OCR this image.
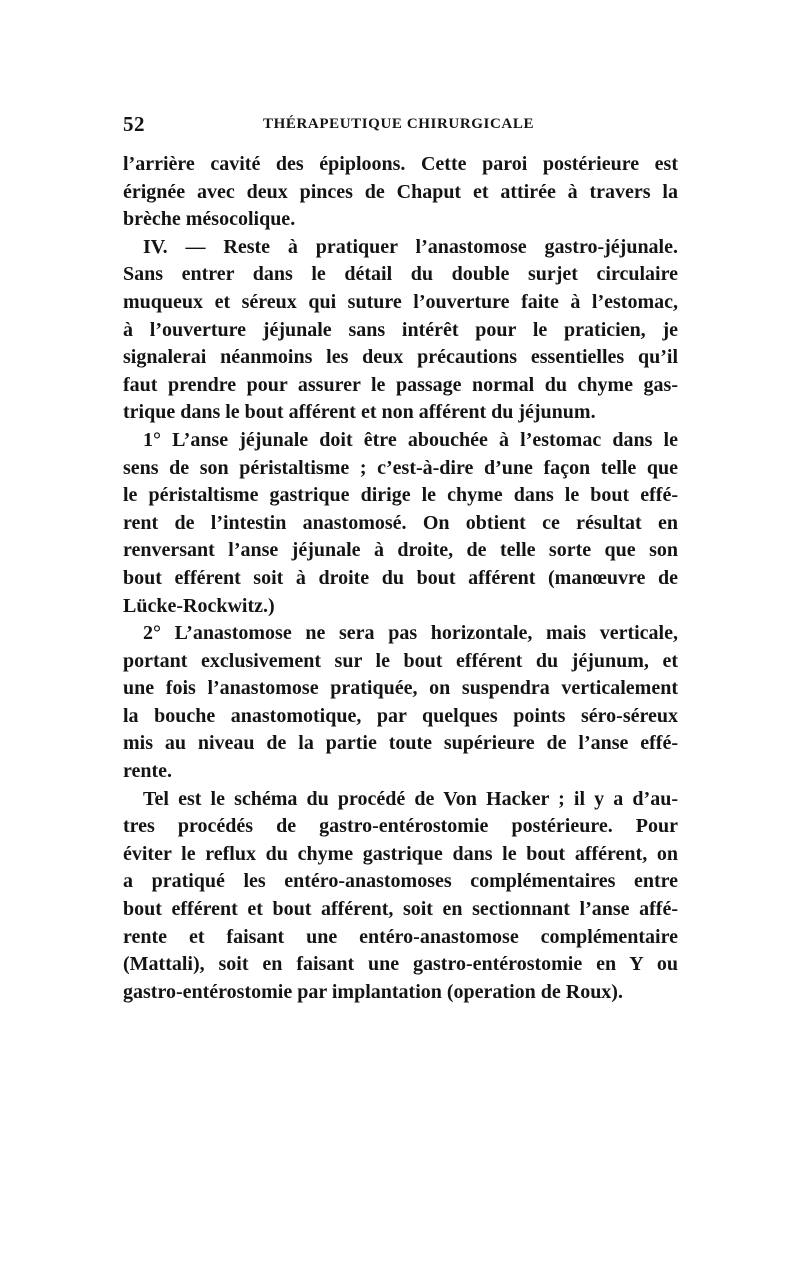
52	THÉRAPEUTIQUE CHIRURGICALE
l’arrière cavité des épiploons. Cette paroi postérieure est
érignée avec deux pinces de Chaput et attirée à travers la
brèche mésocolique.
IV. — Reste à pratiquer l’anastomose gastro-jéjunale.
Sans entrer dans le détail du double surjet circulaire
muqueux et séreux qui suture l’ouverture faite à l’estomac,
à l’ouverture jéjunale sans intérêt pour le praticien, je
signalerai néanmoins les deux précautions essentielles qu’il
faut prendre pour assurer le passage normal du chyme gas-
trique dans le bout afférent et non afférent du jéjunum.
1° L’anse jéjunale doit être abouchée à l’estomac dans le
sens de son péristaltisme ; c’est-à-dire d’une façon telle que
le péristaltisme gastrique dirige le chyme dans le bout effé-
rent de l’intestin anastomosé. On obtient ce résultat en
renversant l’anse jéjunale à droite, de telle sorte que son
bout efférent soit à droite du bout afférent (manœuvre de
Lücke-Rockwitz.)
2° L’anastomose ne sera pas horizontale, mais verticale,
portant exclusivement sur le bout efférent du jéjunum, et
une fois l’anastomose pratiquée, on suspendra verticalement
la bouche anastomotique, par quelques points séro-séreux
mis au niveau de la partie toute supérieure de l’anse effé-
rente.
Tel est le schéma du procédé de Von Hacker ; il y a d’au-
tres procédés de gastro-entérostomie postérieure. Pour
éviter le reflux du chyme gastrique dans le bout afférent, on
a pratiqué les entéro-anastomoses complémentaires entre
bout efférent et bout afférent, soit en sectionnant l’anse affé-
rente et faisant une entéro-anastomose complémentaire
(Mattali), soit en faisant une gastro-entérostomie en Y ou
gastro-entérostomie par implantation (operation de Roux).
